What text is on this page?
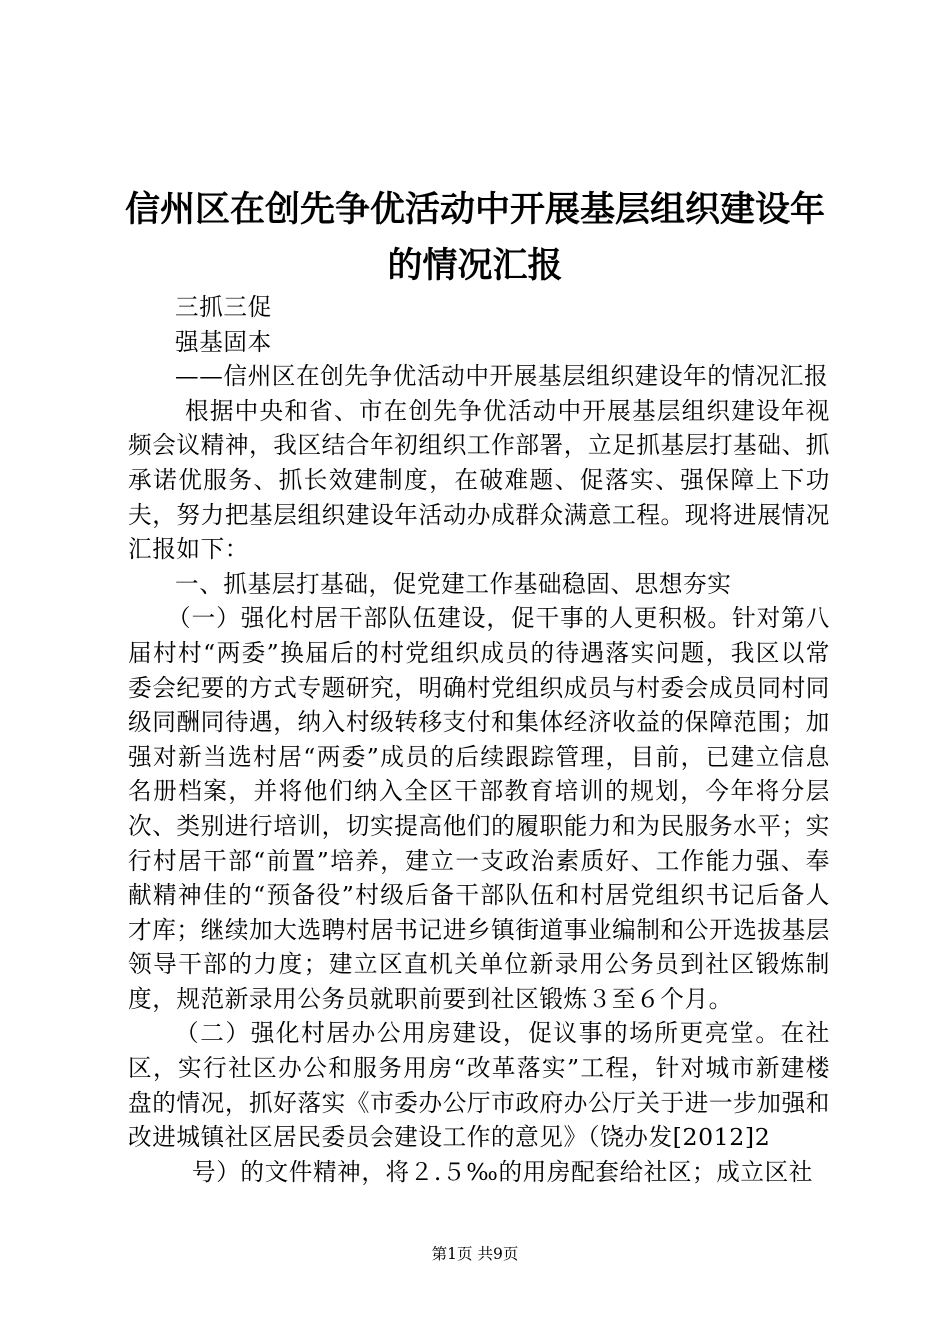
信州区在创先争优活动中开展基层组织建设年
的情况汇报

三抓三促

强基固本

——信州区在创先争优活动中开展基层组织建设年的情况汇报

根据中央和省、市在创先争优活动中开展基层组织建设年视频会议精神，我区结合年初组织工作部署，立足抓基层打基础、抓承诺优服务、抓长效建制度，在破难题、促落实、强保障上下功夫，努力把基层组织建设年活动办成群众满意工程。现将进展情况汇报如下：

一、抓基层打基础，促党建工作基础稳固、思想夯实

（一）强化村居干部队伍建设，促干事的人更积极。针对第八届村村“两委”换届后的村党组织成员的待遇落实问题，我区以常委会纪要的方式专题研究，明确村党组织成员与村委会成员同村同级同酬同待遇，纳入村级转移支付和集体经济收益的保障范围；加强对新当选村居“两委”成员的后续跟踪管理，目前，已建立信息名册档案，并将他们纳入全区干部教育培训的规划，今年将分层次、类别进行培训，切实提高他们的履职能力和为民服务水平；实行村居干部“前置”培养，建立一支政治素质好、工作能力强、奉献精神佳的“预备役”村级后备干部队伍和村居党组织书记后备人才库；继续加大选聘村居书记进乡镇街道事业编制和公开选拔基层领导干部的力度；建立区直机关单位新录用公务员到社区锻炼制度，规范新录用公务员就职前要到社区锻炼３至６个月。

（二）强化村居办公用房建设，促议事的场所更亮堂。在社区，实行社区办公和服务用房“改革落实”工程，针对城市新建楼盘的情况，抓好落实《市委办公厅市政府办公厅关于进一步加强和改进城镇社区居民委员会建设工作的意见》（饶办发[2012]2

号）的文件精神，将２.５‰的用房配套给社区；成立区社

第1页 共9页
